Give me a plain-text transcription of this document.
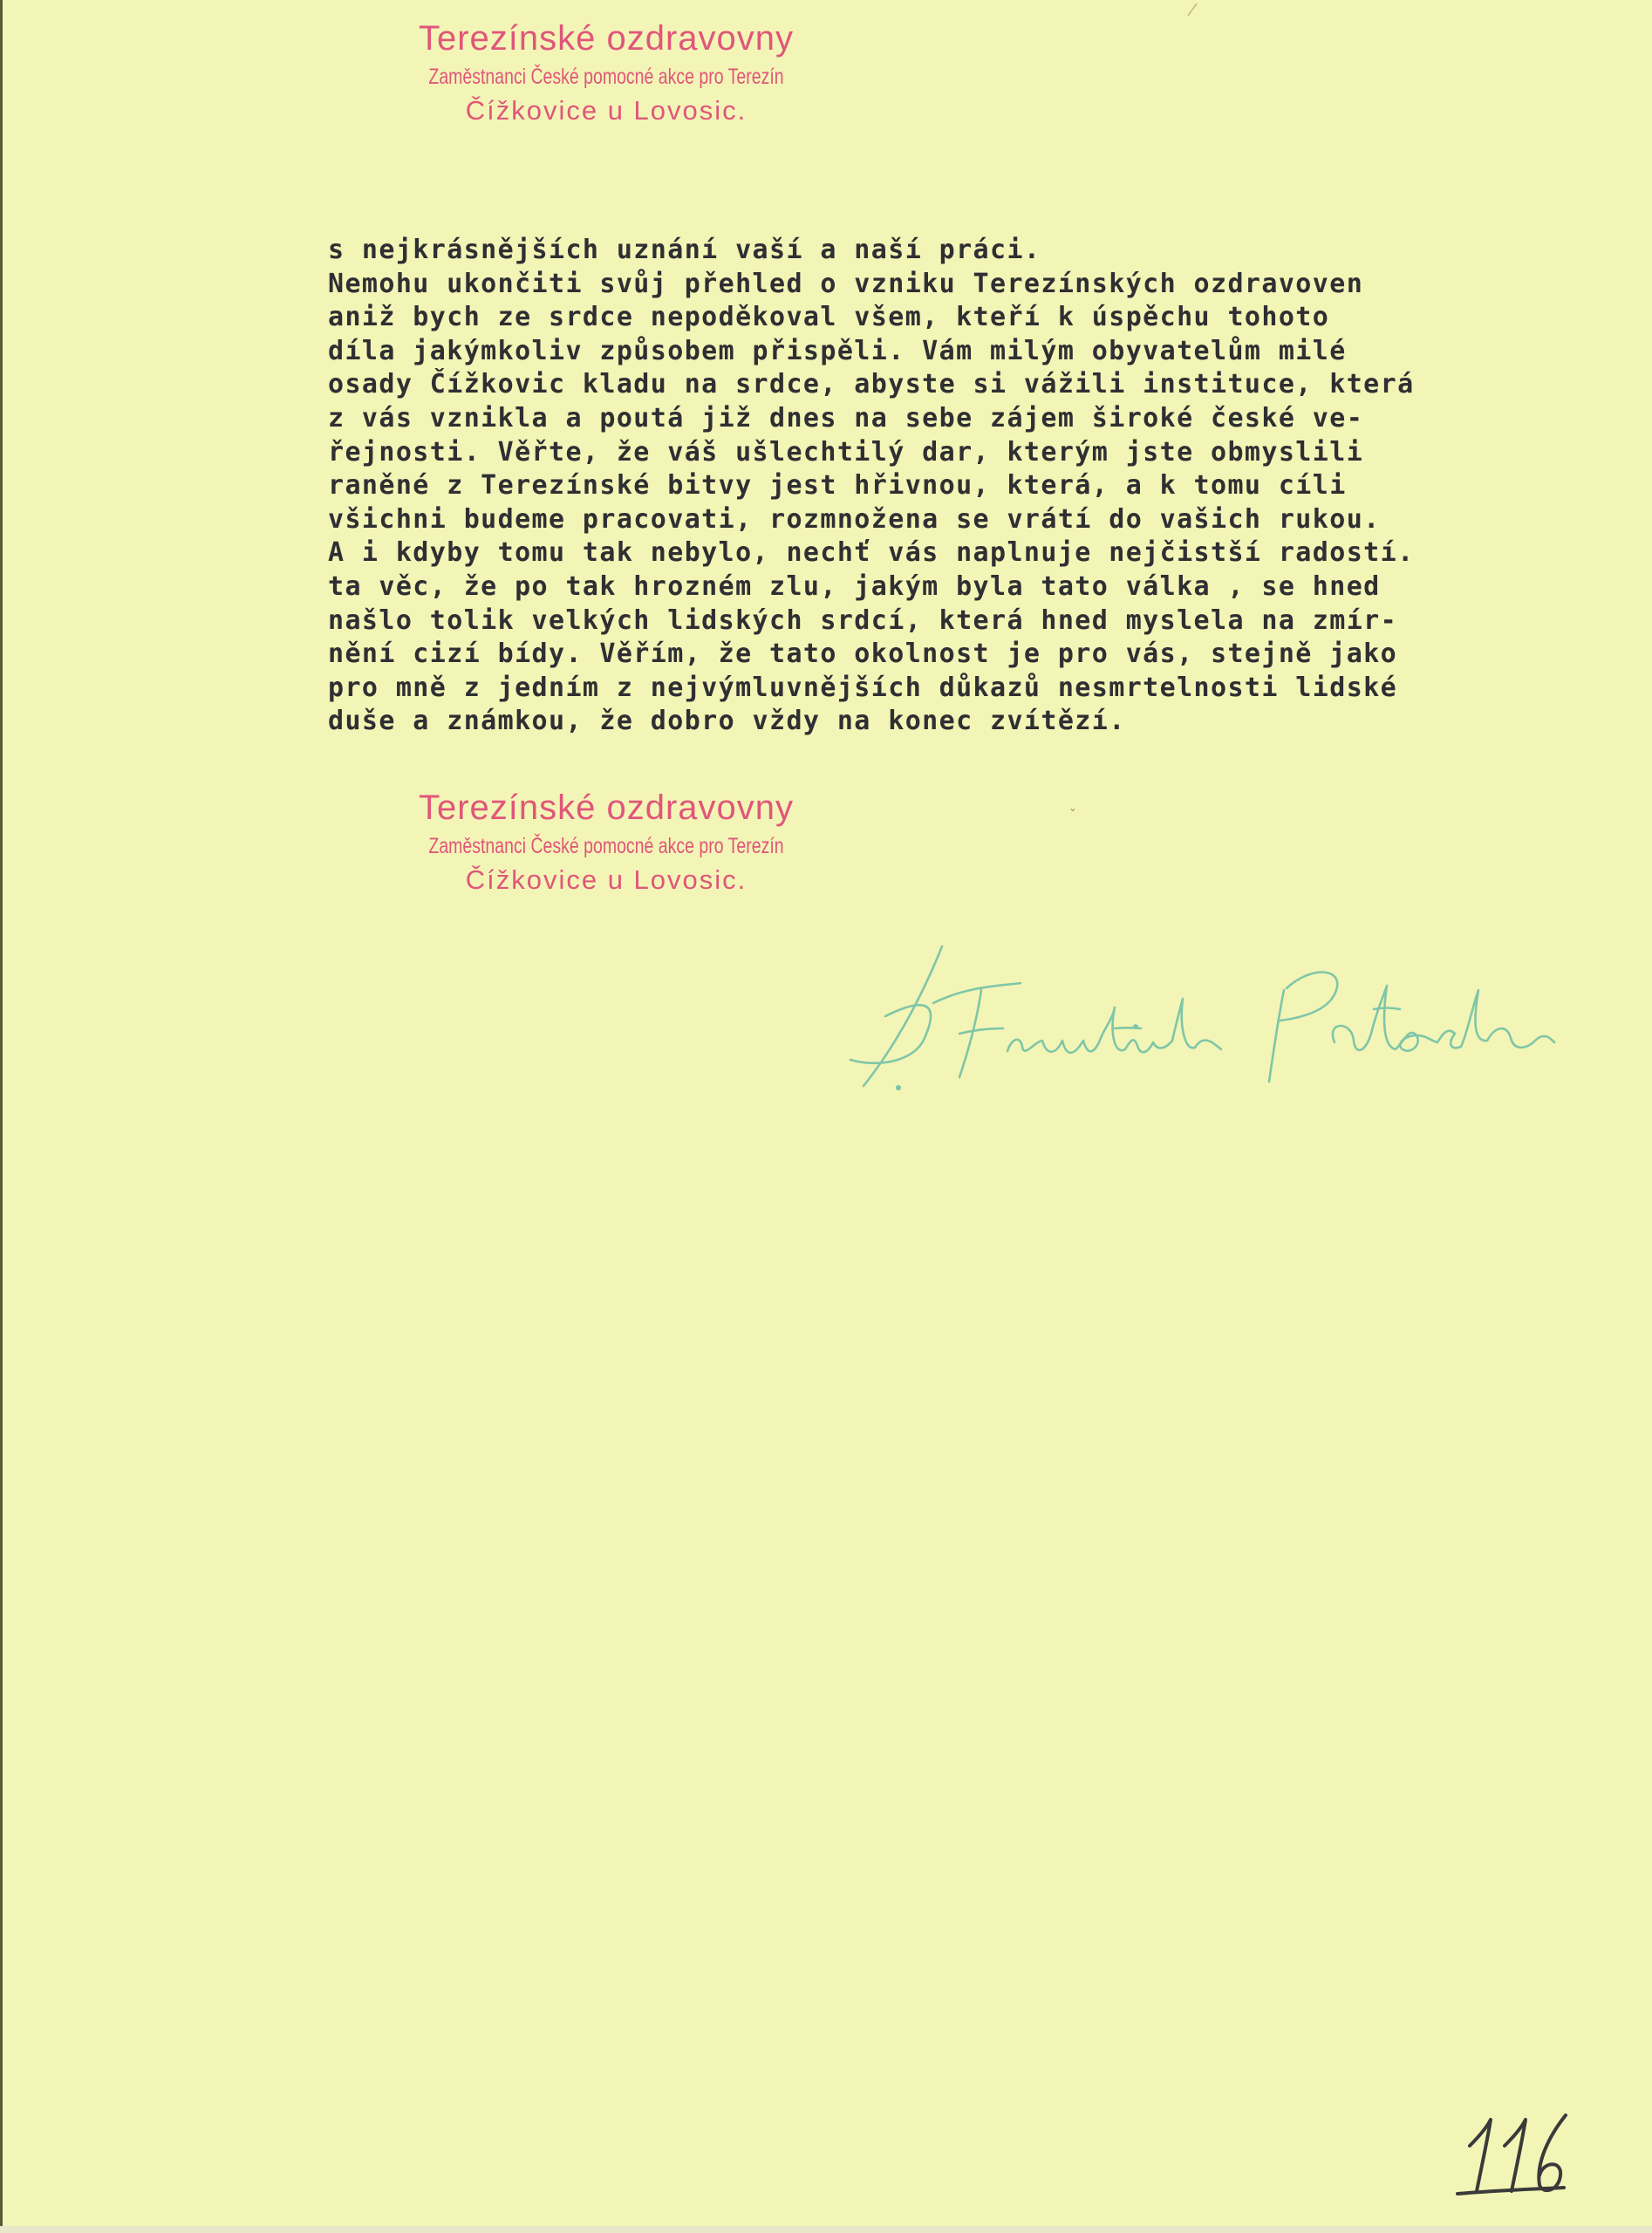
Terezínské ozdravovny
Zaměstnanci České pomocné akce pro Terezín
Čížkovice u Lovosic.
s nejkrásnějších uznání vaší a naší práci.
Nemohu ukončiti svůj přehled o vzniku Terezínských ozdravoven
aniž bych ze srdce nepoděkoval všem, kteří k úspěchu tohoto
díla jakýmkoliv způsobem přispěli. Vám milým obyvatelům milé
osady Čížkovic kladu na srdce, abyste si vážili instituce, která
z vás vznikla a poutá již dnes na sebe zájem široké české ve-
řejnosti. Věřte, že váš ušlechtilý dar, kterým jste obmyslili
raněné z Terezínské bitvy jest hřivnou, která, a k tomu cíli
všichni budeme pracovati, rozmnožena se vrátí do vašich rukou.
A i kdyby tomu tak nebylo, nechť vás naplnuje nejčistší radostí.
ta věc, že po tak hrozném zlu, jakým byla tato válka , se hned
našlo tolik velkých lidských srdcí, která hned myslela na zmír-
nění cizí bídy. Věřím, že tato okolnost je pro vás, stejně jako
pro mně z jedním z nejvýmluvnějších důkazů nesmrtelnosti lidské
duše a známkou, že dobro vždy na konec zvítězí.
Terezínské ozdravovny
Zaměstnanci České pomocné akce pro Terezín
Čížkovice u Lovosic.
ˇ
